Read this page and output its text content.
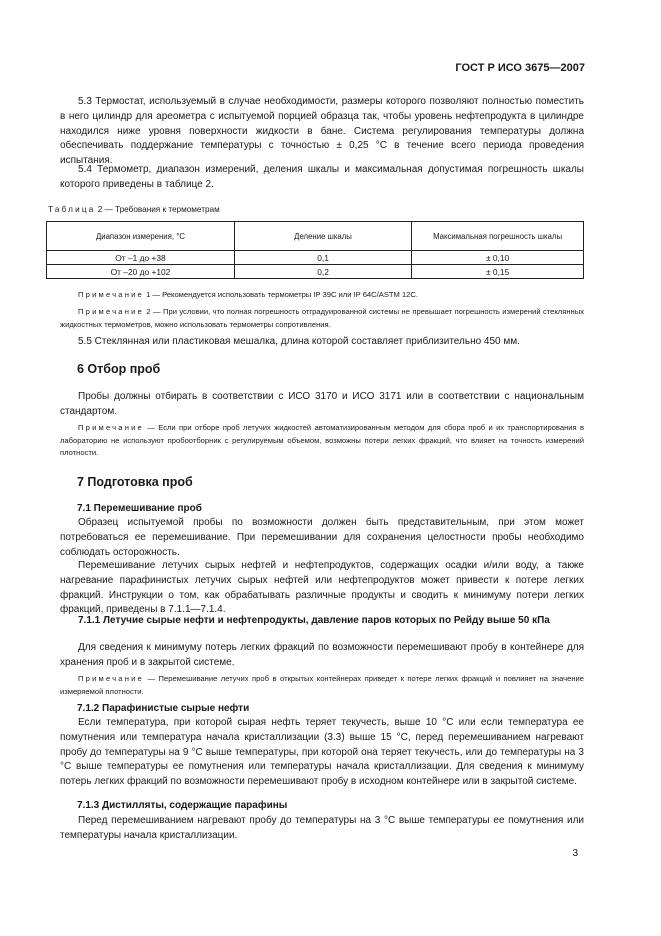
ГОСТ Р ИСО 3675—2007

5.3 Термостат, используемый в случае необходимости, размеры которого позволяют полностью поместить в него цилиндр для ареометра с испытуемой порцией образца так, чтобы уровень нефтепродукта в цилиндре находился ниже уровня поверхности жидкости в бане. Система регулирования температуры должна обеспечивать поддержание температуры с точностью ± 0,25 °С в течение всего периода проведения испытания.

5.4 Термометр, диапазон измерений, деления шкалы и максимальная допустимая погрешность шкалы которого приведены в таблице 2.

Таблица 2 — Требования к термометрам
Диапазон измерения, °С	Деление шкалы	Максимальная погрешность шкалы
От –1 до +38	0,1	± 0,10
От –20 до +102	0,2	± 0,15

Примечание 1 — Рекомендуется использовать термометры IP 39C или IP 64C/ASTM 12C.

Примечание 2 — При условии, что полная погрешность отградуированной системы не превышает погрешность измерений стеклянных жидкостных термометров, можно использовать термометры сопротивления.

5.5 Стеклянная или пластиковая мешалка, длина которой составляет приблизительно 450 мм.

6 Отбор проб

Пробы должны отбирать в соответствии с ИСО 3170 и ИСО 3171 или в соответствии с национальным стандартом.

Примечание — Если при отборе проб летучих жидкостей автоматизированным методом для сбора проб и их транспортирования в лабораторию не используют пробоотборник с регулируемым объемом, возможны потери легких фракций, что влияет на точность измерений плотности.

7 Подготовка проб
7.1 Перемешивание проб

Образец испытуемой пробы по возможности должен быть представительным, при этом может потребоваться ее перемешивание. При перемешивании для сохранения целостности пробы необходимо соблюдать осторожность.

Перемешивание летучих сырых нефтей и нефтепродуктов, содержащих осадки и/или воду, а также нагревание парафинистых летучих сырых нефтей или нефтепродуктов может привести к потере легких фракций. Инструкции о том, как обрабатывать различные продукты и сводить к минимуму потери легких фракций, приведены в 7.1.1—7.1.4.

7.1.1 Летучие сырые нефти и нефтепродукты, давление паров которых по Рейду выше 50 кПа

Для сведения к минимуму потерь легких фракций по возможности перемешивают пробу в контейнере для хранения проб и в закрытой системе.

Примечание — Перемешивание летучих проб в открытых контейнерах приведет к потере легких фракций и повлияет на значение измеряемой плотности.

7.1.2 Парафинистые сырые нефти

Если температура, при которой сырая нефть теряет текучесть, выше 10 °С или если температура ее помутнения или температура начала кристаллизации (3.3) выше 15 °С, перед перемешиванием нагревают пробу до температуры на 9 °С выше температуры, при которой она теряет текучесть, или до температуры на 3 °С выше температуры ее помутнения или температуры начала кристаллизации. Для сведения к минимуму потерь легких фракций по возможности перемешивают пробу в исходном контейнере или в закрытой системе.

7.1.3 Дистилляты, содержащие парафины

Перед перемешиванием нагревают пробу до температуры на 3 °С выше температуры ее помутнения или температуры начала кристаллизации.

3
